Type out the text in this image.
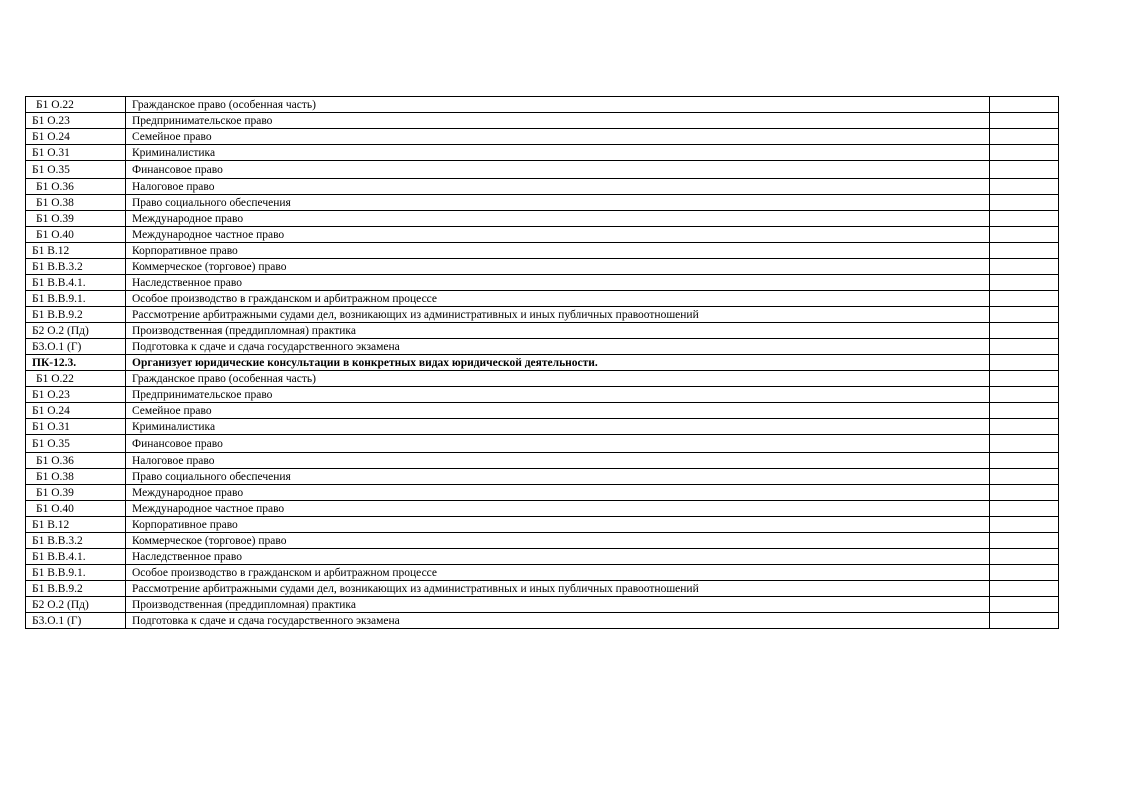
Б1 О.22	Гражданское право (особенная часть)	
Б1 О.23	Предпринимательское право	
Б1 О.24	Семейное право	
Б1 О.31	Криминалистика	
Б1 О.35	Финансовое право	
Б1 О.36	Налоговое право	
Б1 О.38	Право социального обеспечения	
Б1 О.39	Международное право	
Б1 О.40	Международное частное право	
Б1 В.12	Корпоративное право	
Б1 В.В.3.2	Коммерческое (торговое) право	
Б1 В.В.4.1.	Наследственное право	
Б1 В.В.9.1.	Особое производство в гражданском и арбитражном процессе	
Б1 В.В.9.2	Рассмотрение арбитражными судами дел, возникающих из административных и иных публичных правоотношений	
Б2 О.2 (Пд)	Производственная (преддипломная) практика	
Б3.О.1 (Г)	Подготовка к сдаче и сдача государственного экзамена	
ПК-12.3.	Организует юридические консультации в конкретных видах юридической деятельности.	
Б1 О.22	Гражданское право (особенная часть)	
Б1 О.23	Предпринимательское право	
Б1 О.24	Семейное право	
Б1 О.31	Криминалистика	
Б1 О.35	Финансовое право	
Б1 О.36	Налоговое право	
Б1 О.38	Право социального обеспечения	
Б1 О.39	Международное право	
Б1 О.40	Международное частное право	
Б1 В.12	Корпоративное право	
Б1 В.В.3.2	Коммерческое (торговое) право	
Б1 В.В.4.1.	Наследственное право	
Б1 В.В.9.1.	Особое производство в гражданском и арбитражном процессе	
Б1 В.В.9.2	Рассмотрение арбитражными судами дел, возникающих из административных и иных публичных правоотношений	
Б2 О.2 (Пд)	Производственная (преддипломная) практика	
Б3.О.1 (Г)	Подготовка к сдаче и сдача государственного экзамена	
